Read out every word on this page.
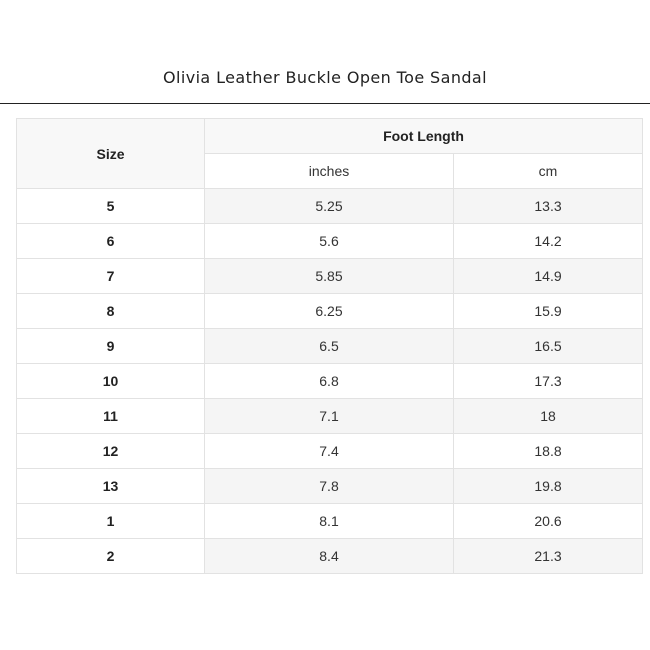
Olivia Leather Buckle Open Toe Sandal
Size	Foot Length	
	inches	cm
5	5.25	13.3
6	5.6	14.2
7	5.85	14.9
8	6.25	15.9
9	6.5	16.5
10	6.8	17.3
11	7.1	18
12	7.4	18.8
13	7.8	19.8
1	8.1	20.6
2	8.4	21.3
